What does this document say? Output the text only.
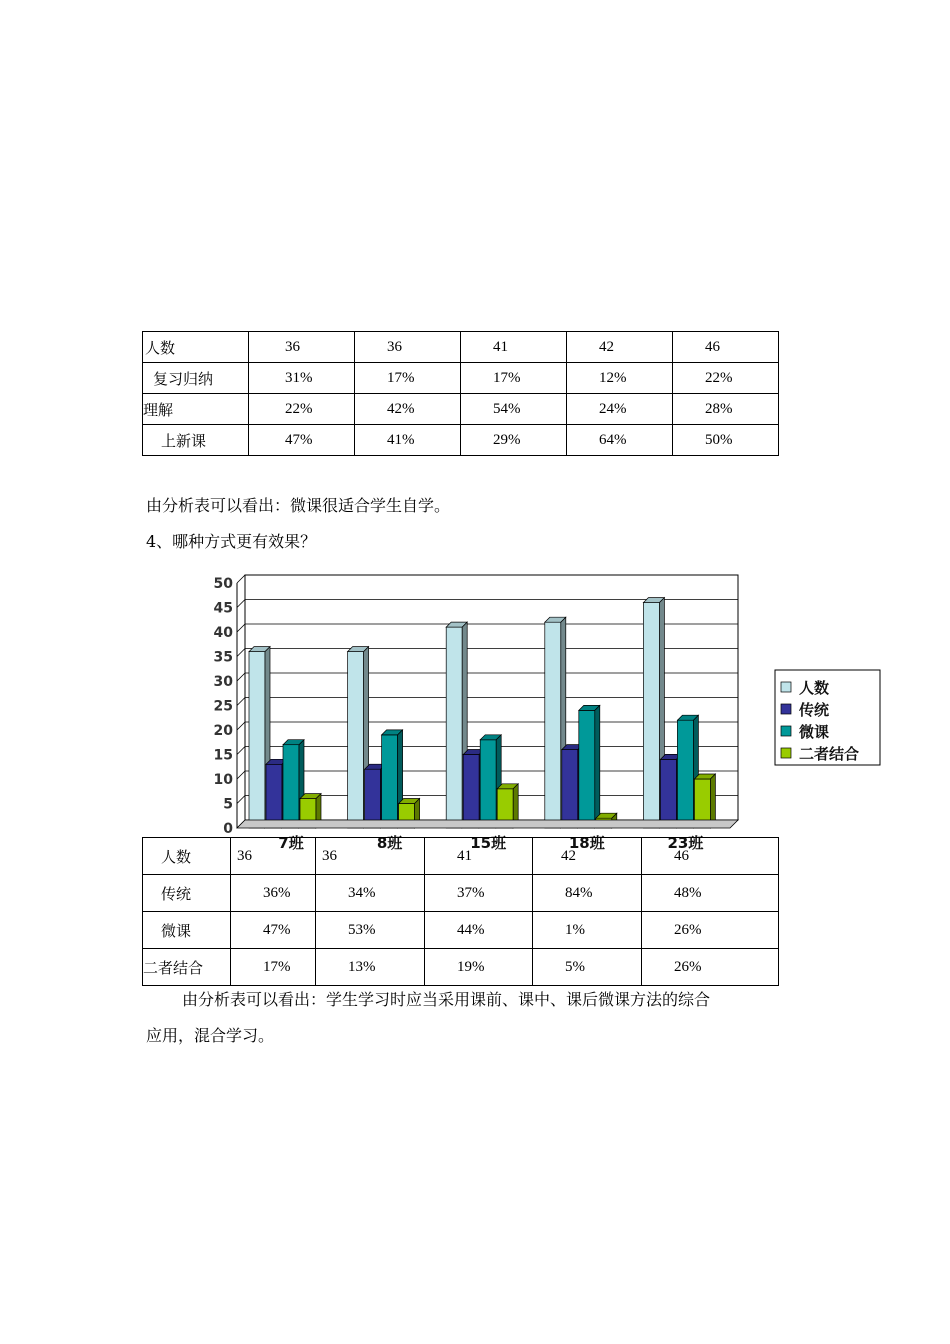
人数	36	36	41	42	46
复习归纳	31%	17%	17%	12%	22%
理解	22%	42%	54%	24%	28%
上新课	47%	41%	29%	64%	50%
由分析表可以看出：微课很适合学生自学。
4、哪种方式更有效果？
0
5
10
15
20
25
30
35
40
45
50
7班	8班	15班	18班	23班
人数
传统
微课
二者结合
人数	36	36	41	42	46
传统	36%	34%	37%	84%	48%
微课	47%	53%	44%	1%	26%
二者结合	17%	13%	19%	5%	26%
由分析表可以看出：学生学习时应当采用课前、课中、课后微课方法的综合
应用，混合学习。
